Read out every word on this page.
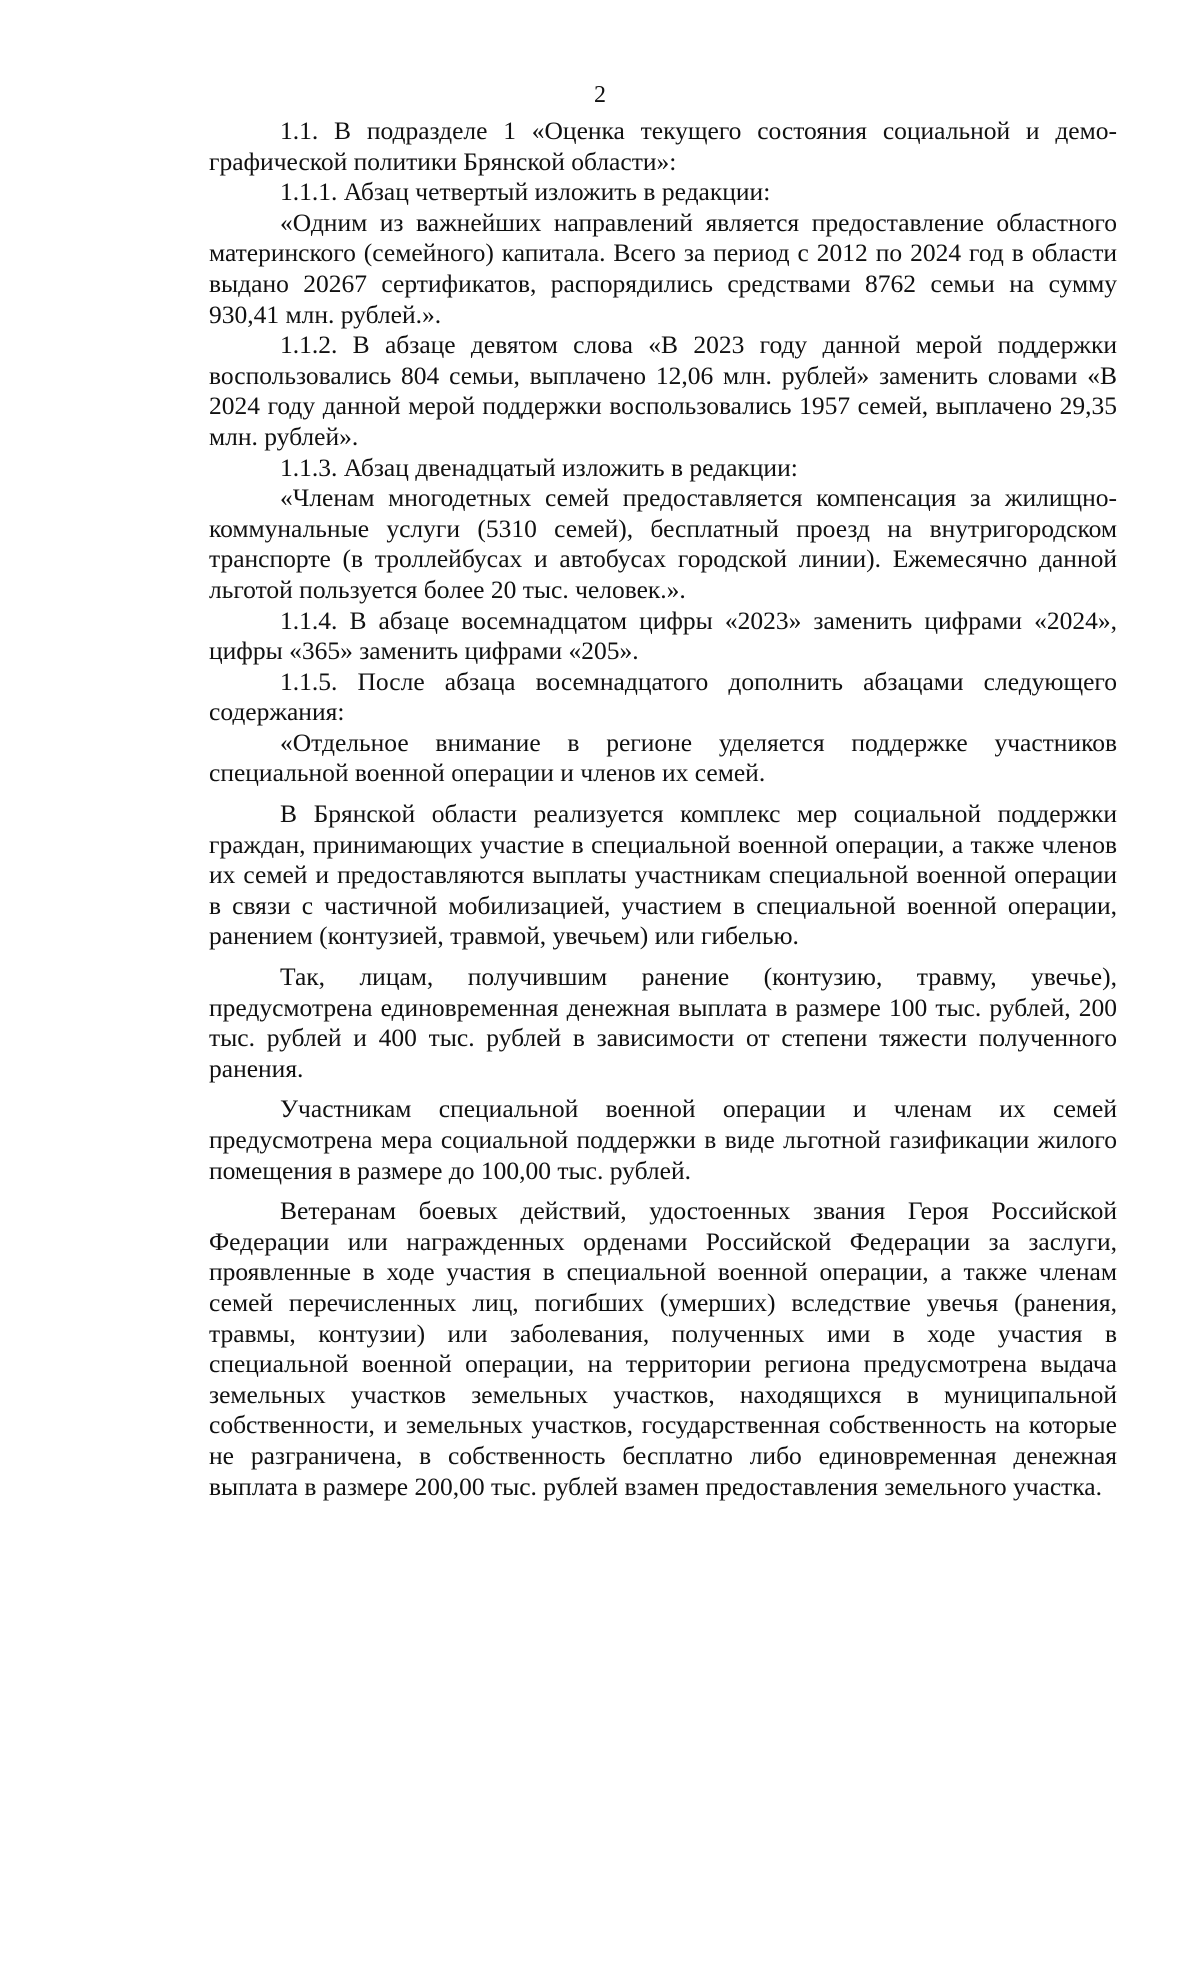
2

1.1. В подразделе 1 «Оценка текущего состояния социальной и демографической политики Брянской области»:

1.1.1. Абзац четвертый изложить в редакции:

«Одним из важнейших направлений является предоставление областного материнского (семейного) капитала. Всего за период с 2012 по 2024 год в области выдано 20267 сертификатов, распорядились средствами 8762 семьи на сумму 930,41 млн. рублей.».

1.1.2. В абзаце девятом слова «В 2023 году данной мерой поддержки воспользовались 804 семьи, выплачено 12,06 млн. рублей» заменить словами «В 2024 году данной мерой поддержки воспользовались 1957 семей, выплачено 29,35 млн. рублей».

1.1.3. Абзац двенадцатый изложить в редакции:

«Членам многодетных семей предоставляется компенсация за жилищно-коммунальные услуги (5310 семей), бесплатный проезд на внутригородском транспорте (в троллейбусах и автобусах городской линии). Ежемесячно данной льготой пользуется более 20 тыс. человек.».

1.1.4. В абзаце восемнадцатом цифры «2023» заменить цифрами «2024», цифры «365» заменить цифрами «205».

1.1.5. После абзаца восемнадцатого дополнить абзацами следующего содержания:

«Отдельное внимание в регионе уделяется поддержке участников специальной военной операции и членов их семей.

В Брянской области реализуется комплекс мер социальной поддержки граждан, принимающих участие в специальной военной операции, а также членов их семей и предоставляются выплаты участникам специальной военной операции в связи с частичной мобилизацией, участием в специальной военной операции, ранением (контузией, травмой, увечьем) или гибелью.

Так, лицам, получившим ранение (контузию, травму, увечье), предусмотрена единовременная денежная выплата в размере 100 тыс. рублей, 200 тыс. рублей и 400 тыс. рублей в зависимости от степени тяжести полученного ранения.

Участникам специальной военной операции и членам их семей предусмотрена мера социальной поддержки в виде льготной газификации жилого помещения в размере до 100,00 тыс. рублей.

Ветеранам боевых действий, удостоенных звания Героя Российской Федерации или награжденных орденами Российской Федерации за заслуги, проявленные в ходе участия в специальной военной операции, а также членам семей перечисленных лиц, погибших (умерших) вследствие увечья (ранения, травмы, контузии) или заболевания, полученных ими в ходе участия в специальной военной операции, на территории региона предусмотрена выдача земельных участков земельных участков, находящихся в муниципальной собственности, и земельных участков, государственная собственность на которые не разграничена, в собственность бесплатно либо единовременная денежная выплата в размере 200,00 тыс. рублей взамен предоставления земельного участка.
